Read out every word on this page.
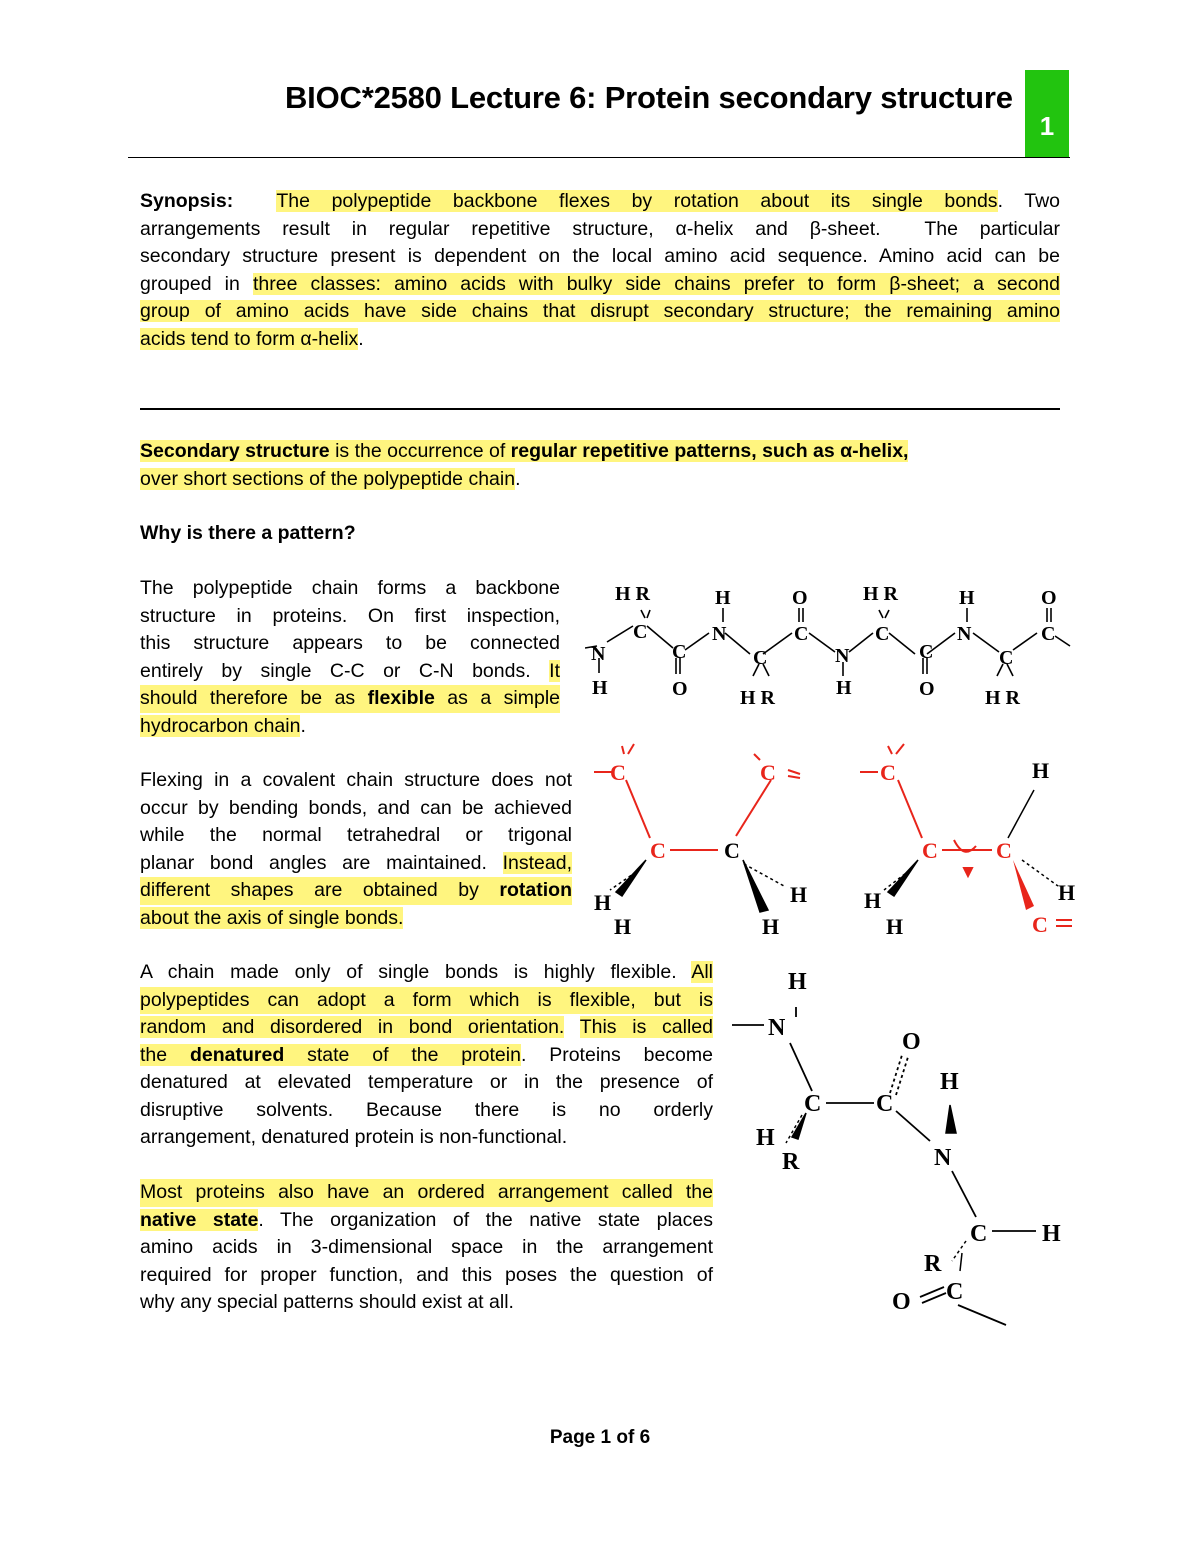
BIOC*2580 Lecture 6: Protein secondary structure
1

Synopsis: The polypeptide backbone flexes by rotation about its single bonds. Two

arrangements result in regular repetitive structure, α-helix and β-sheet. The particular

secondary structure present is dependent on the local amino acid sequence. Amino acid can be

grouped in three classes: amino acids with bulky side chains prefer to form β-sheet; a second

group of amino acids have side chains that disrupt secondary structure; the remaining amino

acids tend to form α-helix.

Secondary structure is the occurrence of regular repetitive patterns, such as α-helix,

over short sections of the polypeptide chain.

Why is there a pattern?

The polypeptide chain forms a backbone

structure in proteins. On first inspection,

this structure appears to be connected

entirely by single C-C or C-N bonds. It

should therefore be as flexible as a simple

hydrocarbon chain.

Flexing in a covalent chain structure does not

occur by bending bonds, and can be achieved

while the normal tetrahedral or trigonal

planar bond angles are maintained. Instead,

different shapes are obtained by rotation

about the axis of single bonds.

A chain made only of single bonds is highly flexible. All

polypeptides can adopt a form which is flexible, but is

random and disordered in bond orientation. This is called

the denatured state of the protein. Proteins become

denatured at elevated temperature or in the presence of

disruptive solvents. Because there is no orderly

arrangement, denatured protein is non-functional.

Most proteins also have an ordered arrangement called the

native state. The organization of the native state places

amino acids in 3-dimensional space in the arrangement

required for proper function, and this poses the question of

why any special patterns should exist at all.

N
H
H R
C
C
O
H
N
C
H R
O
C
N
H
H R
C
C
O
H
N
C
H R
O
C
C
C
C
C
H
H
H
H
C
C	C
C
H
H
H
H
H
N
O
C C
H
H
R	N
C H
R
C
O
Page 1 of 6
